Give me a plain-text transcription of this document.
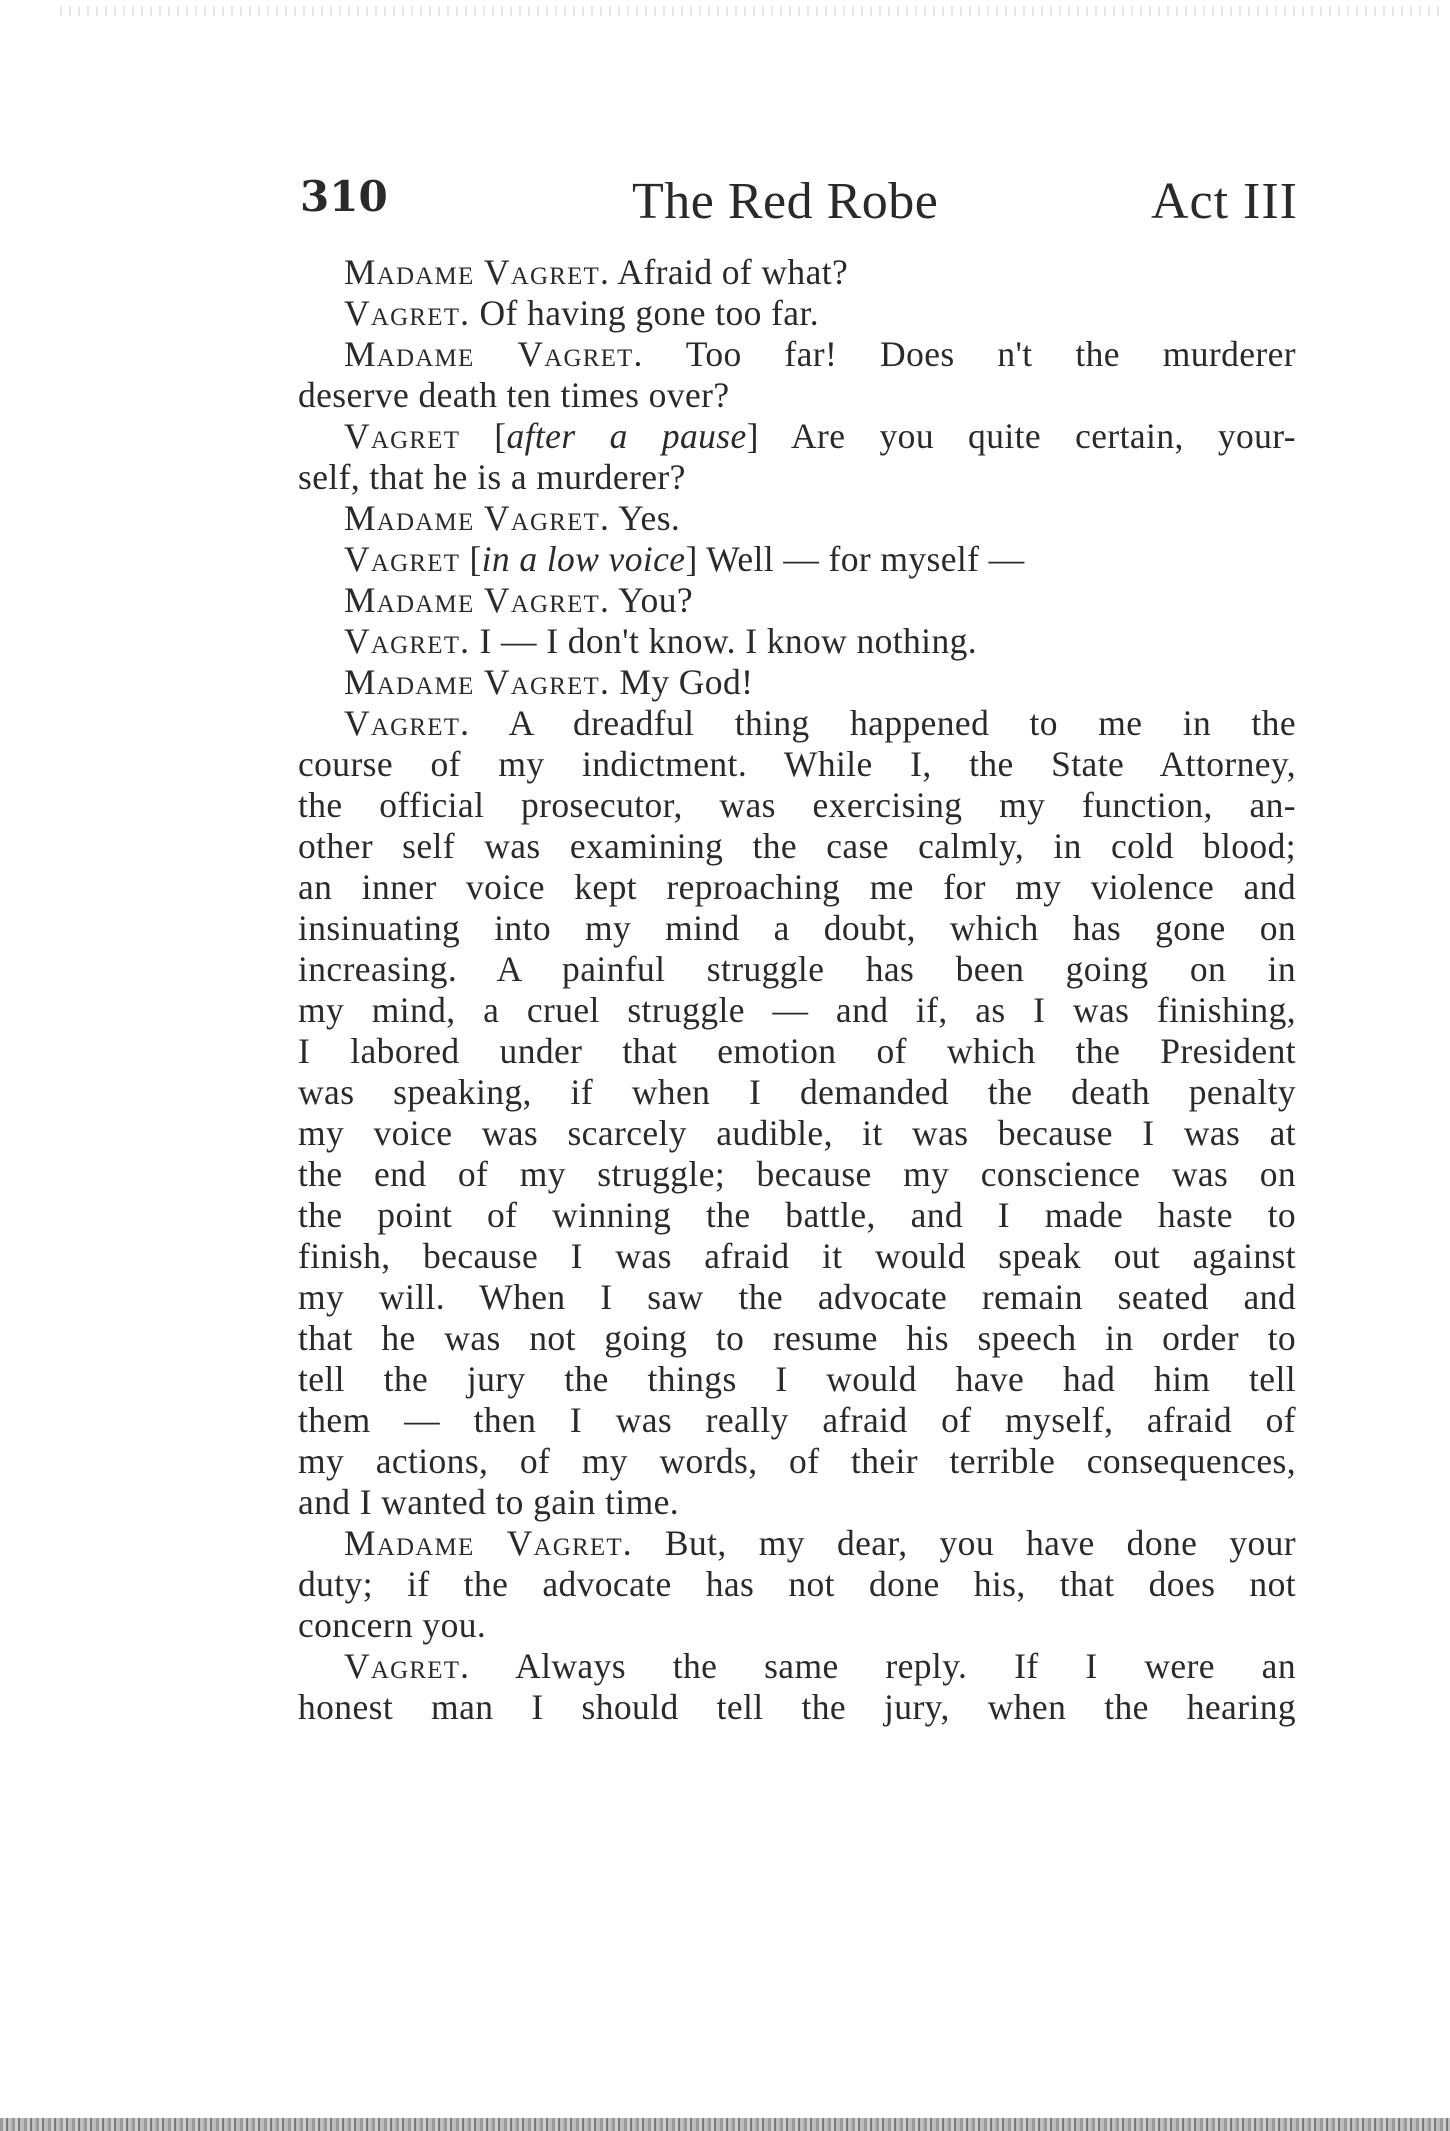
310	The Red Robe	Act III
Madame Vagret. Afraid of what?
Vagret. Of having gone too far.
Madame Vagret. Too far! Does n't the murderer
deserve death ten times over?
Vagret [after a pause] Are you quite certain, your-
self, that he is a murderer?
Madame Vagret. Yes.
Vagret [in a low voice] Well — for myself —
Madame Vagret. You?
Vagret. I — I don't know. I know nothing.
Madame Vagret. My God!
Vagret. A dreadful thing happened to me in the
course of my indictment. While I, the State Attorney,
the official prosecutor, was exercising my function, an-
other self was examining the case calmly, in cold blood;
an inner voice kept reproaching me for my violence and
insinuating into my mind a doubt, which has gone on
increasing. A painful struggle has been going on in
my mind, a cruel struggle — and if, as I was finishing,
I labored under that emotion of which the President
was speaking, if when I demanded the death penalty
my voice was scarcely audible, it was because I was at
the end of my struggle; because my conscience was on
the point of winning the battle, and I made haste to
finish, because I was afraid it would speak out against
my will. When I saw the advocate remain seated and
that he was not going to resume his speech in order to
tell the jury the things I would have had him tell
them — then I was really afraid of myself, afraid of
my actions, of my words, of their terrible consequences,
and I wanted to gain time.
Madame Vagret. But, my dear, you have done your
duty; if the advocate has not done his, that does not
concern you.
Vagret. Always the same reply. If I were an
honest man I should tell the jury, when the hearing
